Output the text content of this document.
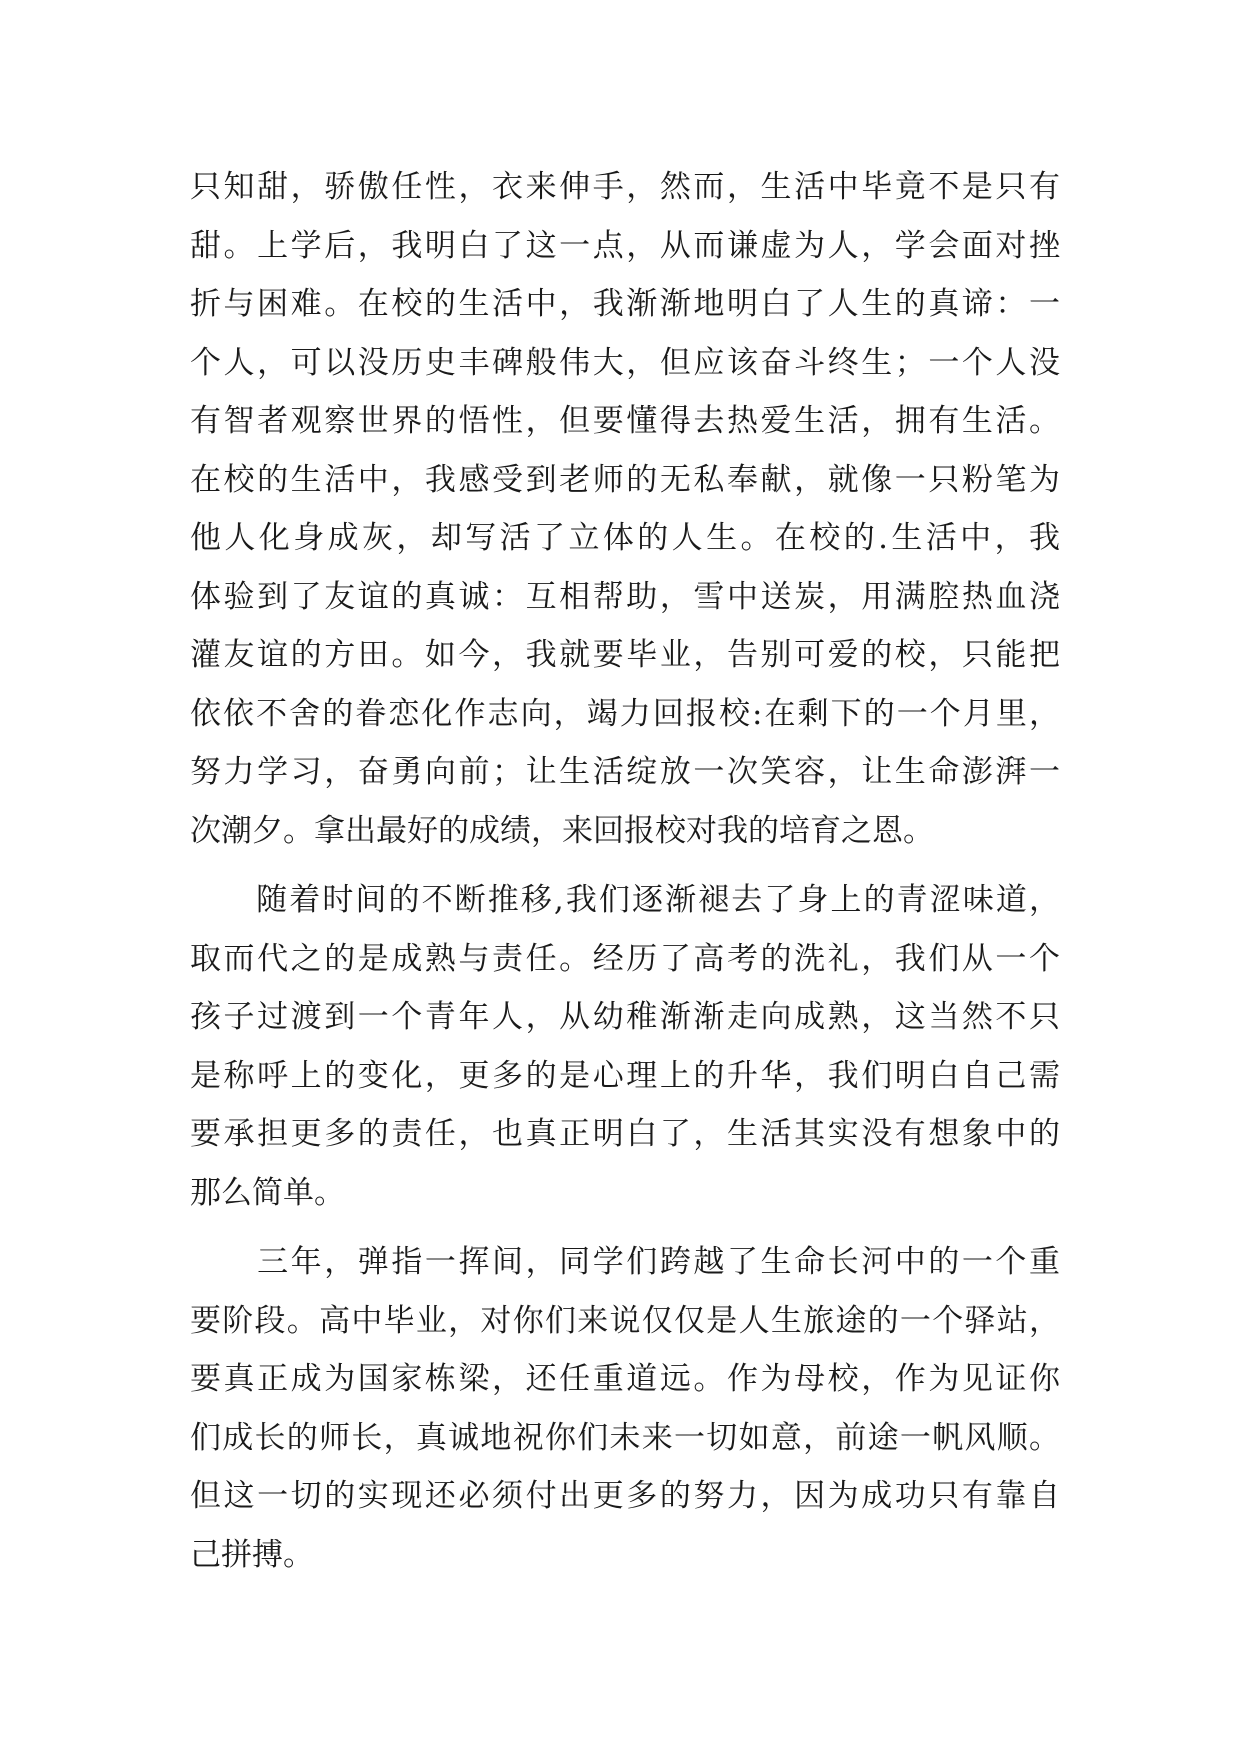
只知甜，骄傲任性，衣来伸手，然而，生活中毕竟不是只有
甜。上学后，我明白了这一点，从而谦虚为人，学会面对挫
折与困难。在校的生活中，我渐渐地明白了人生的真谛：一
个人，可以没历史丰碑般伟大，但应该奋斗终生；一个人没
有智者观察世界的悟性，但要懂得去热爱生活，拥有生活。
在校的生活中，我感受到老师的无私奉献，就像一只粉笔为
他人化身成灰，却写活了立体的人生。在校的.生活中，我
体验到了友谊的真诚：互相帮助，雪中送炭，用满腔热血浇
灌友谊的方田。如今，我就要毕业，告别可爱的校，只能把
依依不舍的眷恋化作志向，竭力回报校:在剩下的一个月里，
努力学习，奋勇向前；让生活绽放一次笑容，让生命澎湃一
次潮夕。拿出最好的成绩，来回报校对我的培育之恩。
　　随着时间的不断推移,我们逐渐褪去了身上的青涩味道，
取而代之的是成熟与责任。经历了高考的洗礼，我们从一个
孩子过渡到一个青年人，从幼稚渐渐走向成熟，这当然不只
是称呼上的变化，更多的是心理上的升华，我们明白自己需
要承担更多的责任，也真正明白了，生活其实没有想象中的
那么简单。
　　三年，弹指一挥间，同学们跨越了生命长河中的一个重
要阶段。高中毕业，对你们来说仅仅是人生旅途的一个驿站，
要真正成为国家栋梁，还任重道远。作为母校，作为见证你
们成长的师长，真诚地祝你们未来一切如意，前途一帆风顺。
但这一切的实现还必须付出更多的努力，因为成功只有靠自
己拼搏。
